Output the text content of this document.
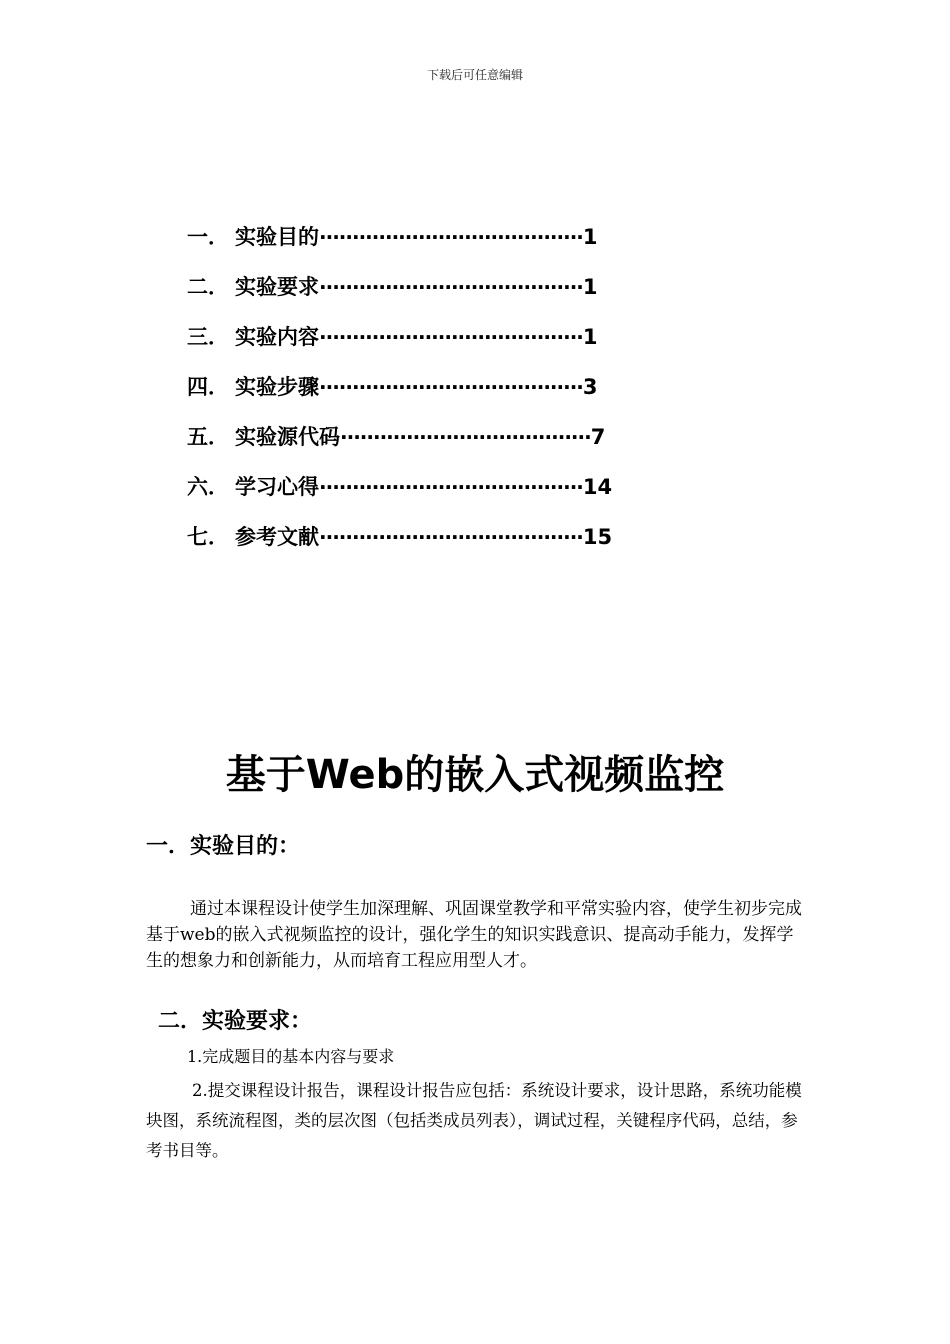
下载后可任意编辑
一． 实验目的 ········································ 1
二． 实验要求 ········································ 1
三． 实验内容 ········································ 1
四． 实验步骤 ········································ 3
五． 实验源代码 ······································ 7
六． 学习心得 ········································ 14
七． 参考文献 ········································ 15
基于Web的嵌入式视频监控
一．实验目的：
通过本课程设计使学生加深理解、巩固课堂教学和平常实验内容，使学生初步完成基于web的嵌入式视频监控的设计，强化学生的知识实践意识、提高动手能力，发挥学生的想象力和创新能力，从而培育工程应用型人才。
二．实验要求：
1.完成题目的基本内容与要求
2.提交课程设计报告，课程设计报告应包括：系统设计要求，设计思路，系统功能模块图，系统流程图，类的层次图（包括类成员列表），调试过程，关键程序代码，总结，参考书目等。
